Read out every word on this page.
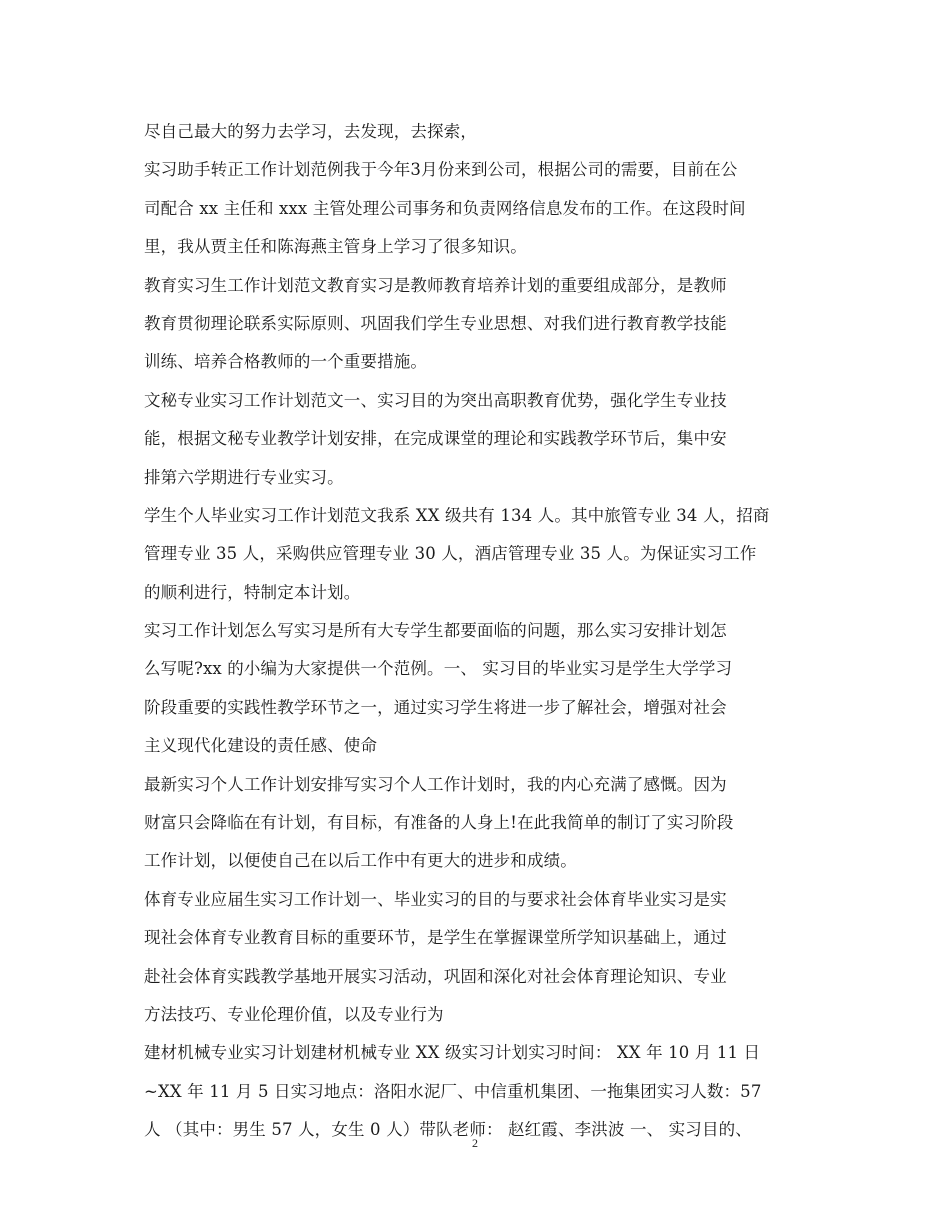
尽自己最大的努力去学习，去发现，去探索，
实习助手转正工作计划范例我于今年3月份来到公司，根据公司的需要，目前在公
司配合 xx 主任和 xxx 主管处理公司事务和负责网络信息发布的工作。在这段时间
里，我从贾主任和陈海燕主管身上学习了很多知识。
教育实习生工作计划范文教育实习是教师教育培养计划的重要组成部分，是教师
教育贯彻理论联系实际原则、巩固我们学生专业思想、对我们进行教育教学技能
训练、培养合格教师的一个重要措施。
文秘专业实习工作计划范文一、实习目的为突出高职教育优势，强化学生专业技
能，根据文秘专业教学计划安排，在完成课堂的理论和实践教学环节后，集中安
排第六学期进行专业实习。
学生个人毕业实习工作计划范文我系 XX 级共有 134 人。其中旅管专业 34 人，招商
管理专业 35 人，采购供应管理专业 30 人，酒店管理专业 35 人。为保证实习工作
的顺利进行，特制定本计划。
实习工作计划怎么写实习是所有大专学生都要面临的问题，那么实习安排计划怎
么写呢?xx 的小编为大家提供一个范例。一、 实习目的毕业实习是学生大学学习
阶段重要的实践性教学环节之一，通过实习学生将进一步了解社会，增强对社会
主义现代化建设的责任感、使命
最新实习个人工作计划安排写实习个人工作计划时，我的内心充满了感慨。因为
财富只会降临在有计划，有目标，有准备的人身上!在此我简单的制订了实习阶段
工作计划，以便使自己在以后工作中有更大的进步和成绩。
体育专业应届生实习工作计划一、毕业实习的目的与要求社会体育毕业实习是实
现社会体育专业教育目标的重要环节，是学生在掌握课堂所学知识基础上，通过
赴社会体育实践教学基地开展实习活动，巩固和深化对社会体育理论知识、专业
方法技巧、专业伦理价值，以及专业行为
建材机械专业实习计划建材机械专业 XX 级实习计划实习时间： XX 年 10 月 11 日
~XX 年 11 月 5 日实习地点：洛阳水泥厂、中信重机集团、一拖集团实习人数：57
人 （其中：男生 57 人，女生 0 人）带队老师： 赵红霞、李洪波 一、 实习目的、
2
